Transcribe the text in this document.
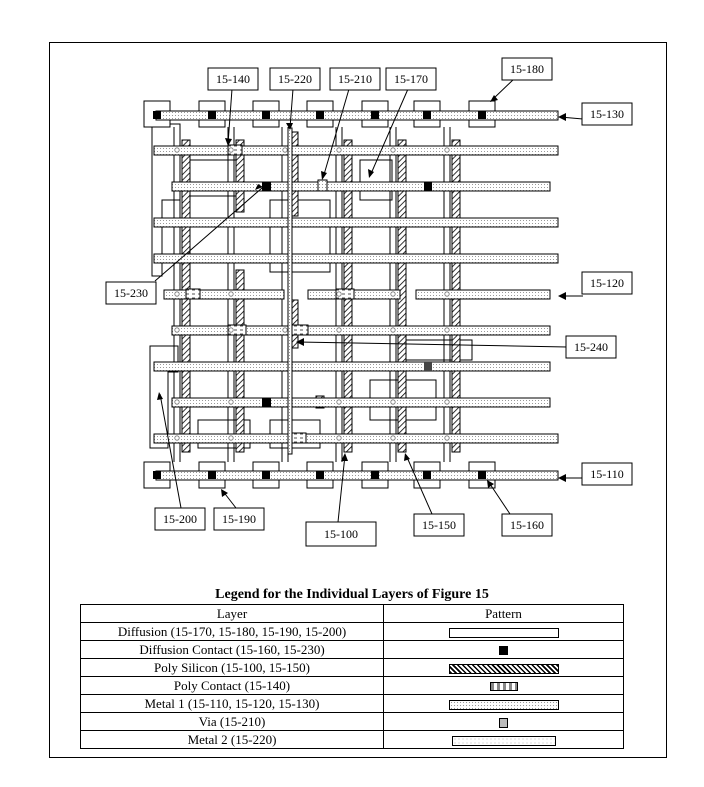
15-140 15-220 15-210 15-170
15-180
15-130
15-230
15-120
15-240
15-110
15-200 15-190
15-100
15-150	15-160
Legend for the Individual Layers of Figure 15
Layer	Pattern
Diffusion (15-170, 15-180, 15-190, 15-200)	
Diffusion Contact (15-160, 15-230)	
Poly Silicon (15-100, 15-150)	
Poly Contact (15-140)	
Metal 1 (15-110, 15-120, 15-130)	
Via (15-210)	
Metal 2 (15-220)	
